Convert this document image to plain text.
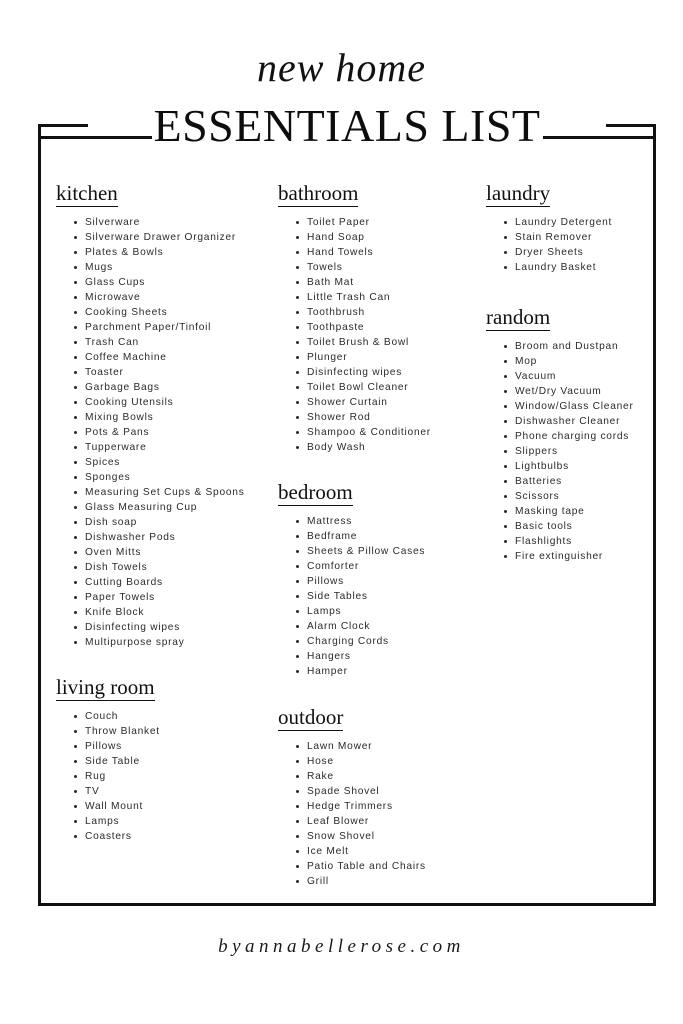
new home
ESSENTIALS LIST
kitchen
Silverware
Silverware Drawer Organizer
Plates & Bowls
Mugs
Glass Cups
Microwave
Cooking Sheets
Parchment Paper/Tinfoil
Trash Can
Coffee Machine
Toaster
Garbage Bags
Cooking Utensils
Mixing Bowls
Pots & Pans
Tupperware
Spices
Sponges
Measuring Set Cups & Spoons
Glass Measuring Cup
Dish soap
Dishwasher Pods
Oven Mitts
Dish Towels
Cutting Boards
Paper Towels
Knife Block
Disinfecting wipes
Multipurpose spray
living room
Couch
Throw Blanket
Pillows
Side Table
Rug
TV
Wall Mount
Lamps
Coasters
bathroom
Toilet Paper
Hand Soap
Hand Towels
Towels
Bath Mat
Little Trash Can
Toothbrush
Toothpaste
Toilet Brush & Bowl
Plunger
Disinfecting wipes
Toilet Bowl Cleaner
Shower Curtain
Shower Rod
Shampoo & Conditioner
Body Wash
bedroom
Mattress
Bedframe
Sheets & Pillow Cases
Comforter
Pillows
Side Tables
Lamps
Alarm Clock
Charging Cords
Hangers
Hamper
outdoor
Lawn Mower
Hose
Rake
Spade Shovel
Hedge Trimmers
Leaf Blower
Snow Shovel
Ice Melt
Patio Table and Chairs
Grill
laundry
Laundry Detergent
Stain Remover
Dryer Sheets
Laundry Basket
random
Broom and Dustpan
Mop
Vacuum
Wet/Dry Vacuum
Window/Glass Cleaner
Dishwasher Cleaner
Phone charging cords
Slippers
Lightbulbs
Batteries
Scissors
Masking tape
Basic tools
Flashlights
Fire extinguisher
byannabellerose.com
